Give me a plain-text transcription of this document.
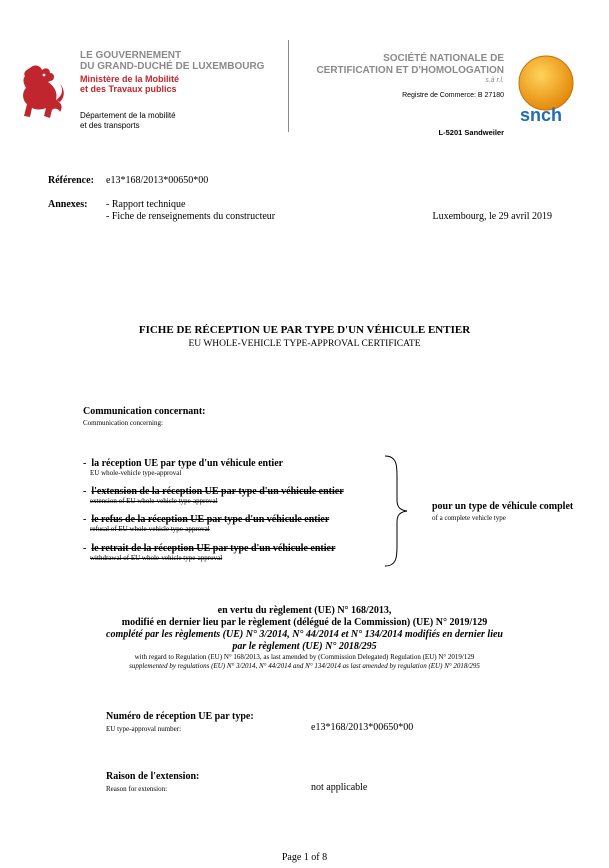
LE GOUVERNEMENT
DU GRAND-DUCHÉ DE LUXEMBOURG
Ministère de la Mobilité
et des Travaux publics
Département de la mobilité
et des transports
SOCIÉTÉ NATIONALE DE
CERTIFICATION ET D'HOMOLOGATION
s.à r.l.
Registre de Commerce: B 27180
L-5201 Sandweiler
snch
Référence: e13*168/2013*00650*00
Annexes: - Rapport technique
- Fiche de renseignements du constructeur	Luxembourg, le 29 avril 2019
FICHE DE RÉCEPTION UE PAR TYPE D'UN VÉHICULE ENTIER
EU WHOLE-VEHICLE TYPE-APPROVAL CERTIFICATE
Communication concernant:
Communication concerning:
- la réception UE par type d'un véhicule entier
EU whole-vehicle type-approval
- l'extension de la réception UE par type d'un véhicule entier
extension of EU whole-vehicle type-approval
- le refus de la réception UE par type d'un véhicule entier
refusal of EU whole-vehicle type-approval
- le retrait de la réception UE par type d'un véhicule entier
withdrawal of EU whole-vehicle type-approval
pour un type de véhicule complet
of a complete vehicle type
en vertu du règlement (UE) N° 168/2013,
modifié en dernier lieu par le règlement (délégué de la Commission) (UE) N° 2019/129
complété par les règlements (UE) N° 3/2014, N° 44/2014 et N° 134/2014 modifiés en dernier lieu
par le règlement (UE) N° 2018/295
with regard to Regulation (EU) N° 168/2013, as last amended by (Commission Delegated) Regulation (EU) N° 2019/129
supplemented by regulations (EU) N° 3/2014, N° 44/2014 and N° 134/2014 as last amended by regulation (EU) N° 2018/295
Numéro de réception UE par type:
EU type-approval number:	e13*168/2013*00650*00
Raison de l'extension:
Reason for extension:	not applicable
Page 1 of 8
